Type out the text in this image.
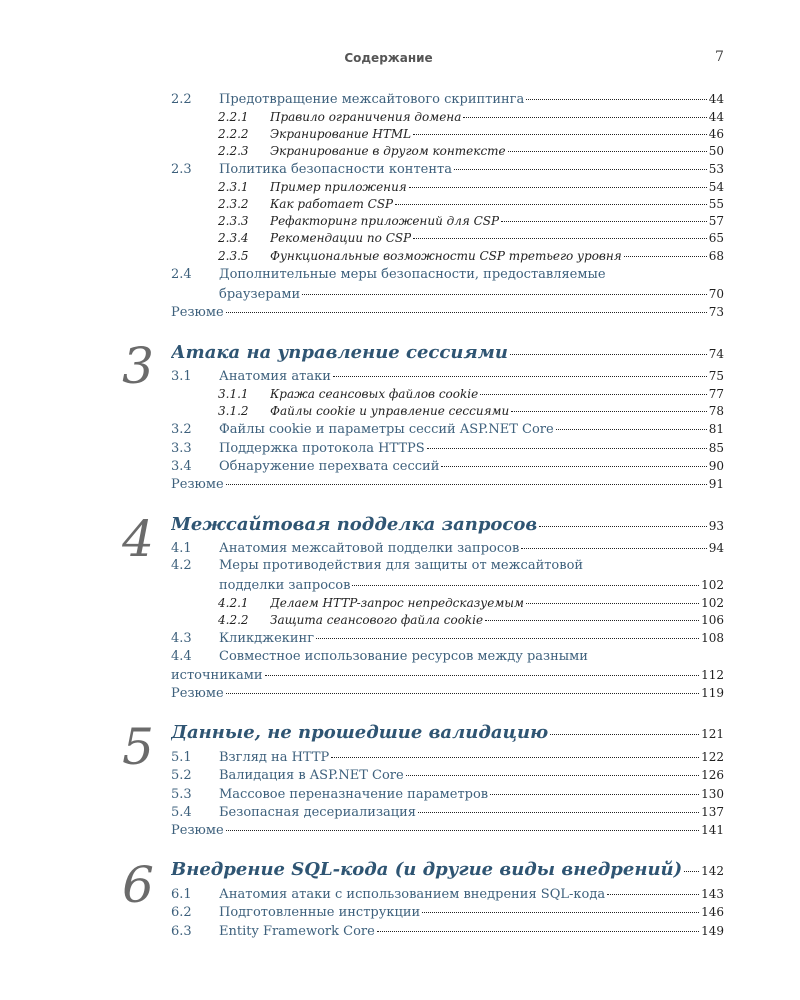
Содержание	7
2.2	Предотвращение межсайтового скриптинга	44
2.2.1	Правило ограничения домена	44
2.2.2	Экранирование HTML	46
2.2.3	Экранирование в другом контексте	50
2.3	Политика безопасности контента	53
2.3.1	Пример приложения	54
2.3.2	Как работает CSP	55
2.3.3	Рефакторинг приложений для CSP	57
2.3.4	Рекомендации по CSP	65
2.3.5	Функциональные возможности CSP третьего уровня	68
2.4	Дополнительные меры безопасности, предоставляемые
браузерами	70
Резюме	73
3 Атака на управление сессиями	74
3.1	Анатомия атаки	75
3.1.1	Кража сеансовых файлов cookie	77
3.1.2	Файлы cookie и управление сессиями	78
3.2	Файлы cookie и параметры сессий ASP.NET Core	81
3.3	Поддержка протокола HTTPS	85
3.4	Обнаружение перехвата сессий	90
Резюме	91
4 Межсайтовая подделка запросов	93
4.1	Анатомия межсайтовой подделки запросов	94
4.2	Меры противодействия для защиты от межсайтовой
подделки запросов	102
4.2.1	Делаем HTTP-запрос непредсказуемым	102
4.2.2	Защита сеансового файла cookie	106
4.3	Кликджекинг	108
4.4	Совместное использование ресурсов между разными
источниками	112
Резюме	119
5 Данные, не прошедшие валидацию	121
5.1	Взгляд на HTTP	122
5.2	Валидация в ASP.NET Core	126
5.3	Массовое переназначение параметров	130
5.4	Безопасная десериализация	137
Резюме	141
6 Внедрение SQL-кода (и другие виды внедрений) 142
6.1	Анатомия атаки с использованием внедрения SQL-кода	143
6.2	Подготовленные инструкции	146
6.3	Entity Framework Core	149
